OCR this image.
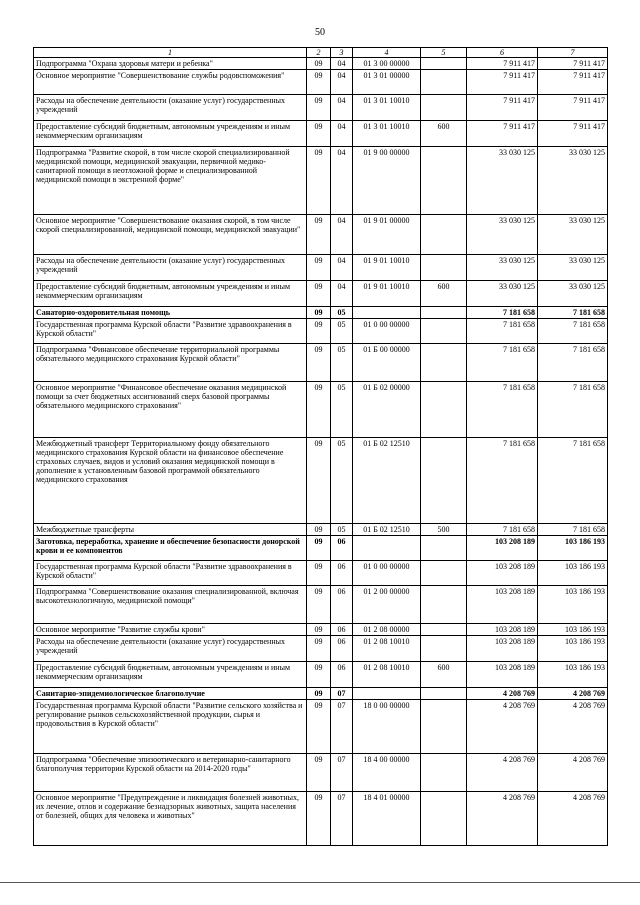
50
1	2	3	4	5	6	7
Подпрограмма "Охрана здоровья матери и ребенка"	09	04	01 3 00 00000		7 911 417	7 911 417
Основное мероприятие "Совершенствование службы родовспоможения"	09	04	01 3 01 00000		7 911 417	7 911 417
Расходы на обеспечение деятельности (оказание услуг) государственных учреждений	09	04	01 3 01 10010		7 911 417	7 911 417
Предоставление субсидий бюджетным, автономным учреждениям и иным некоммерческим организациям	09	04	01 3 01 10010	600	7 911 417	7 911 417
Подпрограмма "Развитие скорой, в том числе скорой специализированной медицинской помощи, медицинской эвакуации, первичной медико-санитарной помощи в неотложной форме и специализированной медицинской помощи в экстренной форме"	09	04	01 9 00 00000		33 030 125	33 030 125
Основное мероприятие "Совершенствование оказания скорой, в том числе скорой специализированной, медицинской помощи, медицинской эвакуации"	09	04	01 9 01 00000		33 030 125	33 030 125
Расходы на обеспечение деятельности (оказание услуг) государственных учреждений	09	04	01 9 01 10010		33 030 125	33 030 125
Предоставление субсидий бюджетным, автономным учреждениям и иным некоммерческим организациям	09	04	01 9 01 10010	600	33 030 125	33 030 125
Санаторно-оздоровительная помощь	09	05			7 181 658	7 181 658
Государственная программа Курской области "Развитие здравоохранения в Курской области"	09	05	01 0 00 00000		7 181 658	7 181 658
Подпрограмма "Финансовое обеспечение территориальной программы обязательного медицинского страхования Курской области"	09	05	01 Б 00 00000		7 181 658	7 181 658
Основное мероприятие "Финансовое обеспечение оказания медицинской помощи за счет бюджетных ассигнований сверх базовой программы обязательного медицинского страхования"	09	05	01 Б 02 00000		7 181 658	7 181 658
Межбюджетный трансферт Территориальному фонду обязательного медицинского страхования Курской области на финансовое обеспечение страховых случаев, видов и условий оказания медицинской помощи в дополнение к установленным базовой программой обязательного медицинского страхования	09	05	01 Б 02 12510		7 181 658	7 181 658
Межбюджетные трансферты	09	05	01 Б 02 12510	500	7 181 658	7 181 658
Заготовка, переработка, хранение и обеспечение безопасности донорской крови и ее компонентов	09	06			103 208 189	103 186 193
Государственная программа Курской области "Развитие здравоохранения в Курской области"	09	06	01 0 00 00000		103 208 189	103 186 193
Подпрограмма "Совершенствование оказания специализированной, включая высокотехнологичную, медицинской помощи"	09	06	01 2 00 00000		103 208 189	103 186 193
Основное мероприятие "Развитие службы крови"	09	06	01 2 08 00000		103 208 189	103 186 193
Расходы на обеспечение деятельности (оказание услуг) государственных учреждений	09	06	01 2 08 10010		103 208 189	103 186 193
Предоставление субсидий бюджетным, автономным учреждениям и иным некоммерческим организациям	09	06	01 2 08 10010	600	103 208 189	103 186 193
Санитарно-эпидемиологическое благополучие	09	07			4 208 769	4 208 769
Государственная программа Курской области "Развитие сельского хозяйства и регулирование рынков сельскохозяйственной продукции, сырья и продовольствия в Курской области"	09	07	18 0 00 00000		4 208 769	4 208 769
Подпрограмма "Обеспечение эпизоотического и ветеринарно-санитарного благополучия территории Курской области на 2014-2020 годы"	09	07	18 4 00 00000		4 208 769	4 208 769
Основное мероприятие "Предупреждение и ликвидация болезней животных, их лечение, отлов и содержание безнадзорных животных, защита населения от болезней, общих для человека и животных"	09	07	18 4 01 00000		4 208 769	4 208 769
